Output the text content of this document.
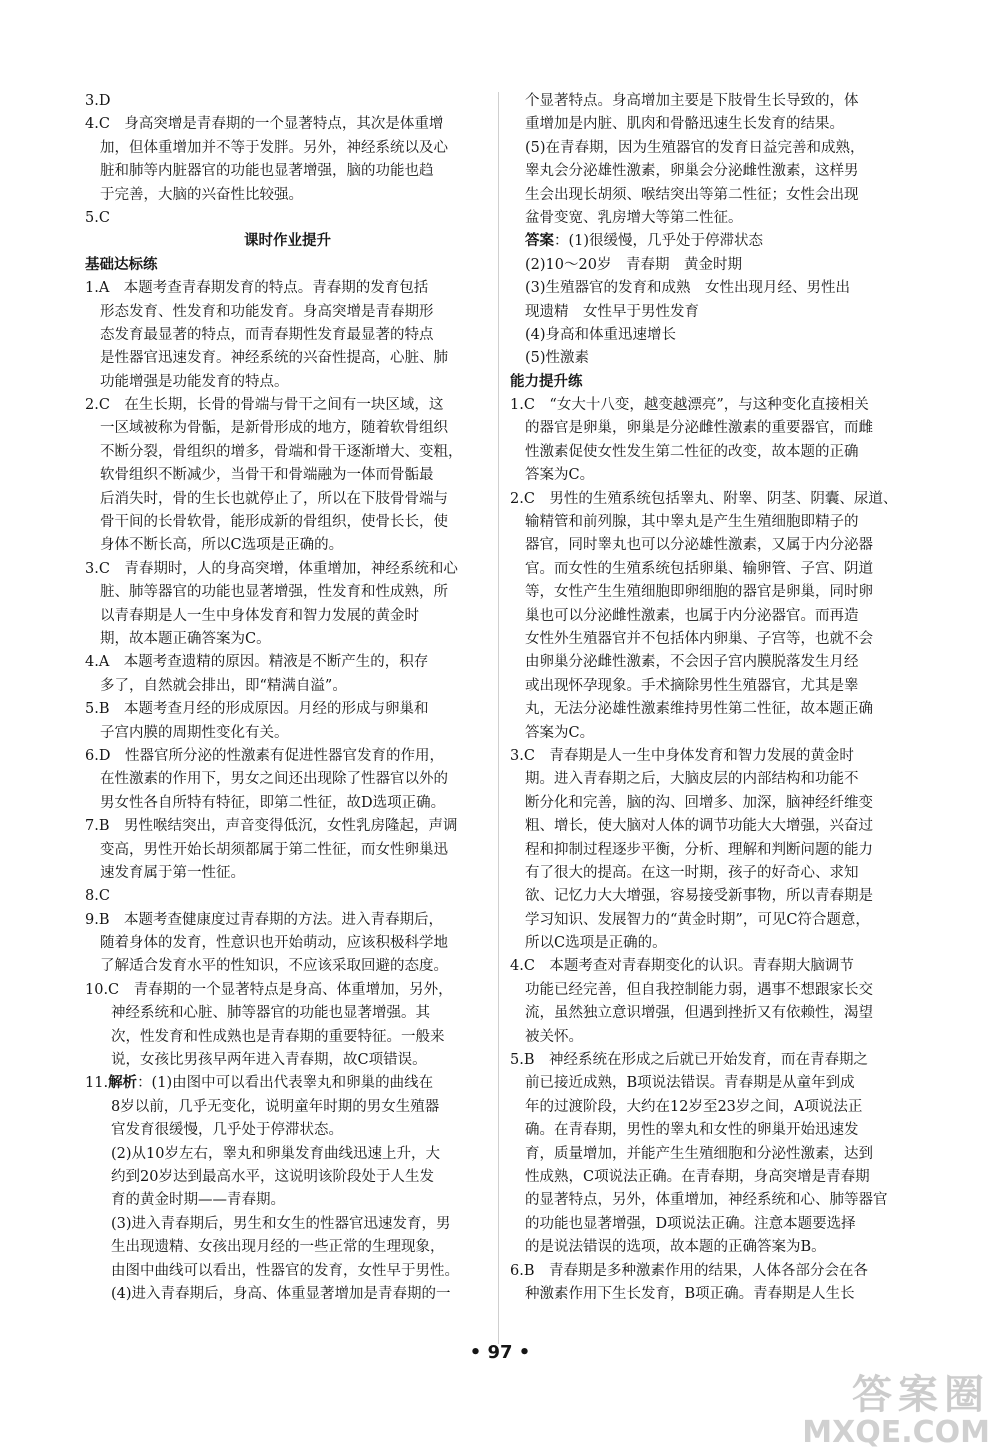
3.D
4.C　身高突增是青春期的一个显著特点，其次是体重增
加，但体重增加并不等于发胖。另外，神经系统以及心
脏和肺等内脏器官的功能也显著增强，脑的功能也趋
于完善，大脑的兴奋性比较强。
5.C
课时作业提升
基础达标练
1.A　本题考查青春期发育的特点。青春期的发育包括
形态发育、性发育和功能发育。身高突增是青春期形
态发育最显著的特点，而青春期性发育最显著的特点
是性器官迅速发育。神经系统的兴奋性提高，心脏、肺
功能增强是功能发育的特点。
2.C　在生长期，长骨的骨端与骨干之间有一块区域，这
一区域被称为骨骺，是新骨形成的地方，随着软骨组织
不断分裂，骨组织的增多，骨端和骨干逐渐增大、变粗，
软骨组织不断减少，当骨干和骨端融为一体而骨骺最
后消失时，骨的生长也就停止了，所以在下肢骨骨端与
骨干间的长骨软骨，能形成新的骨组织，使骨长长，使
身体不断长高，所以C选项是正确的。
3.C　青春期时，人的身高突增，体重增加，神经系统和心
脏、肺等器官的功能也显著增强，性发育和性成熟，所
以青春期是人一生中身体发育和智力发展的黄金时
期，故本题正确答案为C。
4.A　本题考查遗精的原因。精液是不断产生的，积存
多了，自然就会排出，即“精满自溢”。
5.B　本题考查月经的形成原因。月经的形成与卵巢和
子宫内膜的周期性变化有关。
6.D　性器官所分泌的性激素有促进性器官发育的作用，
在性激素的作用下，男女之间还出现除了性器官以外的
男女性各自所特有特征，即第二性征，故D选项正确。
7.B　男性喉结突出，声音变得低沉，女性乳房隆起，声调
变高，男性开始长胡须都属于第二性征，而女性卵巢迅
速发育属于第一性征。
8.C
9.B　本题考查健康度过青春期的方法。进入青春期后，
随着身体的发育，性意识也开始萌动，应该积极科学地
了解适合发育水平的性知识，不应该采取回避的态度。
10.C　青春期的一个显著特点是身高、体重增加，另外，
神经系统和心脏、肺等器官的功能也显著增强。其
次，性发育和性成熟也是青春期的重要特征。一般来
说，女孩比男孩早两年进入青春期，故C项错误。
11.解析：(1)由图中可以看出代表睾丸和卵巢的曲线在
8岁以前，几乎无变化，说明童年时期的男女生殖器
官发育很缓慢，几乎处于停滞状态。
(2)从10岁左右，睾丸和卵巢发育曲线迅速上升，大
约到20岁达到最高水平，这说明该阶段处于人生发
育的黄金时期——青春期。
(3)进入青春期后，男生和女生的性器官迅速发育，男
生出现遗精、女孩出现月经的一些正常的生理现象，
由图中曲线可以看出，性器官的发育，女性早于男性。
(4)进入青春期后，身高、体重显著增加是青春期的一
个显著特点。身高增加主要是下肢骨生长导致的，体
重增加是内脏、肌肉和骨骼迅速生长发育的结果。
(5)在青春期，因为生殖器官的发育日益完善和成熟，
睾丸会分泌雄性激素，卵巢会分泌雌性激素，这样男
生会出现长胡须、喉结突出等第二性征；女性会出现
盆骨变宽、乳房增大等第二性征。
答案：(1)很缓慢，几乎处于停滞状态
(2)10～20岁　青春期　黄金时期
(3)生殖器官的发育和成熟　女性出现月经、男性出
现遗精　女性早于男性发育
(4)身高和体重迅速增长
(5)性激素
能力提升练
1.C　“女大十八变，越变越漂亮”，与这种变化直接相关
的器官是卵巢，卵巢是分泌雌性激素的重要器官，而雌
性激素促使女性发生第二性征的改变，故本题的正确
答案为C。
2.C　男性的生殖系统包括睾丸、附睾、阴茎、阴囊、尿道、
输精管和前列腺，其中睾丸是产生生殖细胞即精子的
器官，同时睾丸也可以分泌雄性激素，又属于内分泌器
官。而女性的生殖系统包括卵巢、输卵管、子宫、阴道
等，女性产生生殖细胞即卵细胞的器官是卵巢，同时卵
巢也可以分泌雌性激素，也属于内分泌器官。而再造
女性外生殖器官并不包括体内卵巢、子宫等，也就不会
由卵巢分泌雌性激素，不会因子宫内膜脱落发生月经
或出现怀孕现象。手术摘除男性生殖器官，尤其是睾
丸，无法分泌雄性激素维持男性第二性征，故本题正确
答案为C。
3.C　青春期是人一生中身体发育和智力发展的黄金时
期。进入青春期之后，大脑皮层的内部结构和功能不
断分化和完善，脑的沟、回增多、加深，脑神经纤维变
粗、增长，使大脑对人体的调节功能大大增强，兴奋过
程和抑制过程逐步平衡，分析、理解和判断问题的能力
有了很大的提高。在这一时期，孩子的好奇心、求知
欲、记忆力大大增强，容易接受新事物，所以青春期是
学习知识、发展智力的“黄金时期”，可见C符合题意，
所以C选项是正确的。
4.C　本题考查对青春期变化的认识。青春期大脑调节
功能已经完善，但自我控制能力弱，遇事不想跟家长交
流，虽然独立意识增强，但遇到挫折又有依赖性，渴望
被关怀。
5.B　神经系统在形成之后就已开始发育，而在青春期之
前已接近成熟，B项说法错误。青春期是从童年到成
年的过渡阶段，大约在12岁至23岁之间，A项说法正
确。在青春期，男性的睾丸和女性的卵巢开始迅速发
育，质量增加，并能产生生殖细胞和分泌性激素，达到
性成熟，C项说法正确。在青春期，身高突增是青春期
的显著特点，另外，体重增加，神经系统和心、肺等器官
的功能也显著增强，D项说法正确。注意本题要选择
的是说法错误的选项，故本题的正确答案为B。
6.B　青春期是多种激素作用的结果，人体各部分会在各
种激素作用下生长发育，B项正确。青春期是人生长
• 97 •
答案圈
MXQE.COM
